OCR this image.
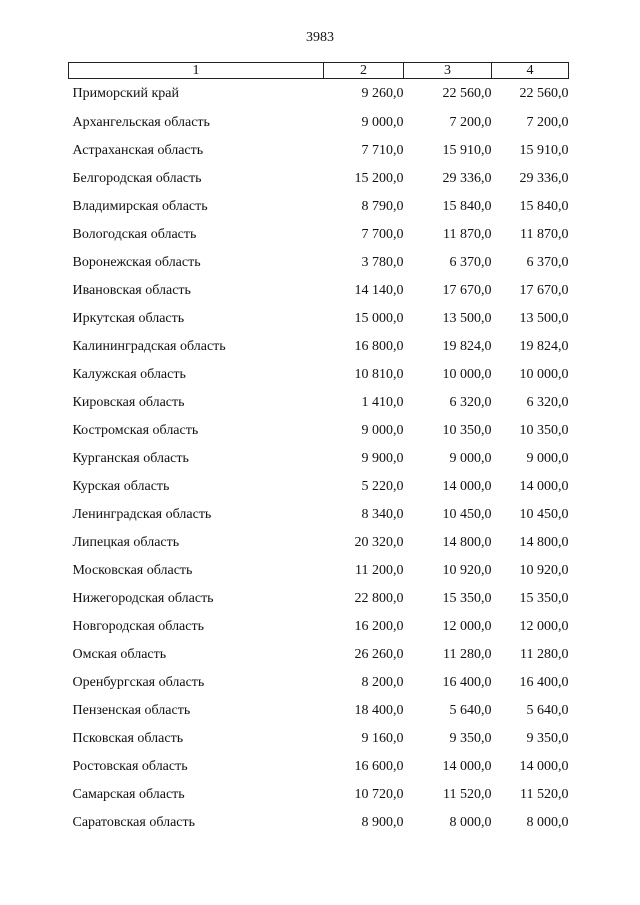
3983
1	2	3	4
Приморский край	9 260,0	22 560,0	22 560,0
Архангельская область	9 000,0	7 200,0	7 200,0
Астраханская область	7 710,0	15 910,0	15 910,0
Белгородская область	15 200,0	29 336,0	29 336,0
Владимирская область	8 790,0	15 840,0	15 840,0
Вологодская область	7 700,0	11 870,0	11 870,0
Воронежская область	3 780,0	6 370,0	6 370,0
Ивановская область	14 140,0	17 670,0	17 670,0
Иркутская область	15 000,0	13 500,0	13 500,0
Калининградская область	16 800,0	19 824,0	19 824,0
Калужская область	10 810,0	10 000,0	10 000,0
Кировская область	1 410,0	6 320,0	6 320,0
Костромская область	9 000,0	10 350,0	10 350,0
Курганская область	9 900,0	9 000,0	9 000,0
Курская область	5 220,0	14 000,0	14 000,0
Ленинградская область	8 340,0	10 450,0	10 450,0
Липецкая область	20 320,0	14 800,0	14 800,0
Московская область	11 200,0	10 920,0	10 920,0
Нижегородская область	22 800,0	15 350,0	15 350,0
Новгородская область	16 200,0	12 000,0	12 000,0
Омская область	26 260,0	11 280,0	11 280,0
Оренбургская область	8 200,0	16 400,0	16 400,0
Пензенская область	18 400,0	5 640,0	5 640,0
Псковская область	9 160,0	9 350,0	9 350,0
Ростовская область	16 600,0	14 000,0	14 000,0
Самарская область	10 720,0	11 520,0	11 520,0
Саратовская область	8 900,0	8 000,0	8 000,0
